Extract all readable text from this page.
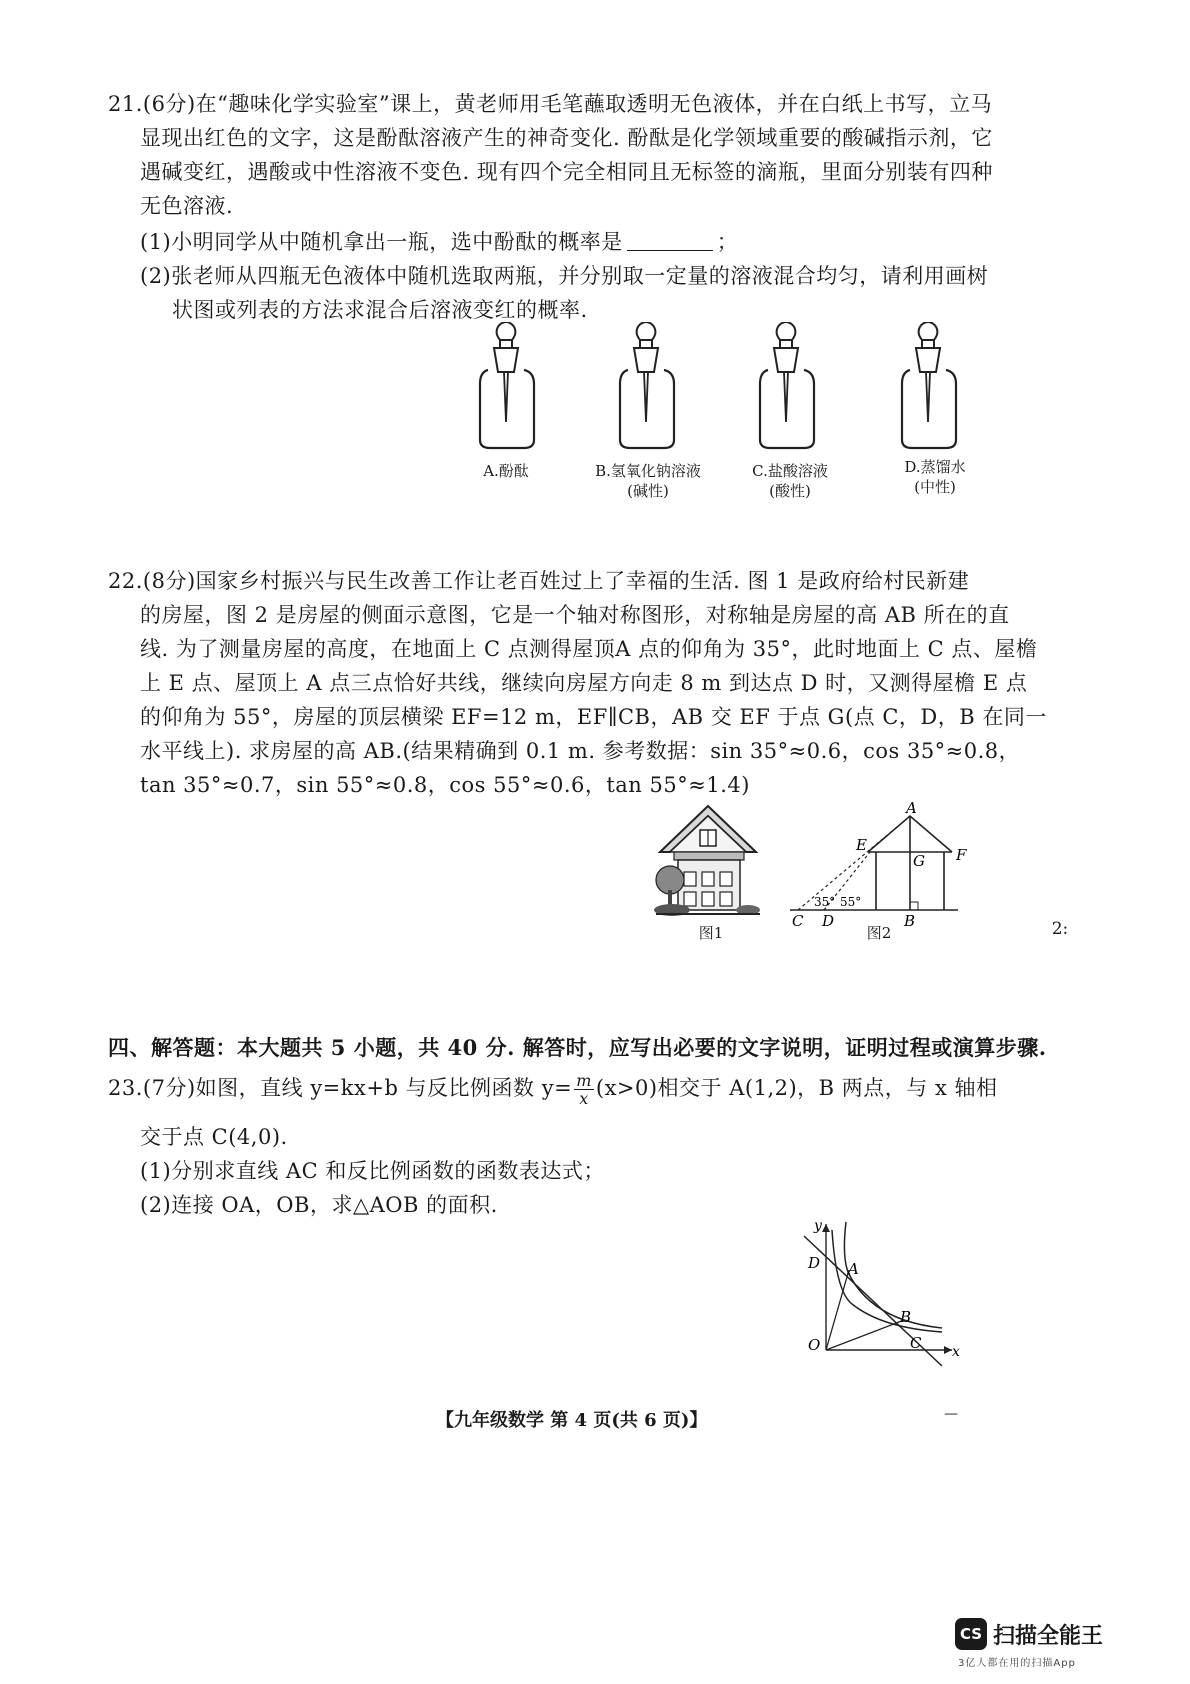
21.(6分)在“趣味化学实验室”课上，黄老师用毛笔蘸取透明无色液体，并在白纸上书写，立马
显现出红色的文字，这是酚酞溶液产生的神奇变化. 酚酞是化学领域重要的酸碱指示剂，它
遇碱变红，遇酸或中性溶液不变色. 现有四个完全相同且无标签的滴瓶，里面分别装有四种
无色溶液.
(1)小明同学从中随机拿出一瓶，选中酚酞的概率是	；
(2)张老师从四瓶无色液体中随机选取两瓶，并分别取一定量的溶液混合均匀，请利用画树
状图或列表的方法求混合后溶液变红的概率.
A.酚酞	B.氢氧化钠溶液
(碱性)
C.盐酸溶液
(酸性)
D.蒸馏水
(中性)
22.(8分)国家乡村振兴与民生改善工作让老百姓过上了幸福的生活. 图 1 是政府给村民新建
的房屋，图 2 是房屋的侧面示意图，它是一个轴对称图形，对称轴是房屋的高 AB 所在的直
线. 为了测量房屋的高度，在地面上 C 点测得屋顶A 点的仰角为 35°，此时地面上 C 点、屋檐
上 E 点、屋顶上 A 点三点恰好共线，继续向房屋方向走 8 m 到达点 D 时，又测得屋檐 E 点
的仰角为 55°，房屋的顶层横梁 EF=12 m，EF∥CB，AB 交 EF 于点 G(点 C，D，B 在同一
水平线上). 求房屋的高 AB.(结果精确到 0.1 m. 参考数据：sin 35°≈0.6，cos 35°≈0.8，
tan 35°≈0.7，sin 55°≈0.8，cos 55°≈0.6，tan 55°≈1.4)
图1
A
E
F
G
C D	B
35° 55°
图2	2:
四、解答题：本大题共 5 小题，共 40 分. 解答时，应写出必要的文字说明，证明过程或演算步骤.
23.(7分)如图，直线 y=kx+b 与反比例函数 $y= \frac{m}{x} (x>0)$相交于 A(1,2)，B 两点，与 x 轴相
交于点 C(4,0).
(1)分别求直线 AC 和反比例函数的函数表达式；
(2)连接 OA，OB，求△AOB 的面积.
y
x
O
A
B
C
D
【九年级数学 第 4 页(共 6 页)】	—
CS 扫描全能王
3亿人都在用的扫描App
